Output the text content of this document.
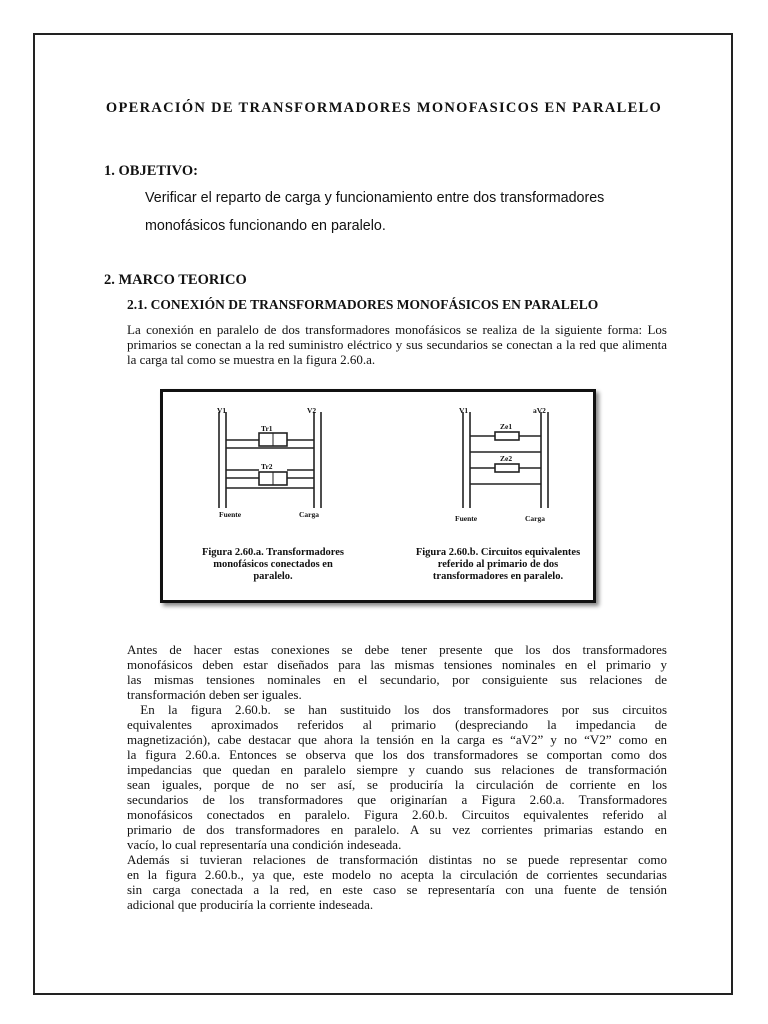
OPERACIÓN DE TRANSFORMADORES MONOFASICOS EN PARALELO
1. OBJETIVO:
Verificar el reparto de carga y funcionamiento entre dos transformadores
monofásicos funcionando en paralelo.
2. MARCO TEORICO
2.1. CONEXIÓN DE TRANSFORMADORES MONOFÁSICOS EN PARALELO
La conexión en paralelo de dos transformadores monofásicos se realiza de la siguiente forma: Los primarios se conectan a la red suministro eléctrico y sus secundarios se conectan a la red que alimenta la carga tal como se muestra en la figura 2.60.a.
V1	V2
Tr1
Tr2
Fuente	Carga
Figura 2.60.a. Transformadores
monofásicos conectados en
paralelo.
V1	aV2
Ze1
Ze2
Fuente	Carga
Figura 2.60.b. Circuitos equivalentes
referido al primario de dos
transformadores en paralelo.
Antes de hacer estas conexiones se debe tener presente que los dos transformadores
monofásicos deben estar diseñados para las mismas tensiones nominales en el primario y
las mismas tensiones nominales en el secundario, por consiguiente sus relaciones de
transformación deben ser iguales.
En la figura 2.60.b. se han sustituido los dos transformadores por sus circuitos
equivalentes aproximados referidos al primario (despreciando la impedancia de
magnetización), cabe destacar que ahora la tensión en la carga es “aV2” y no “V2” como en
la figura 2.60.a. Entonces se observa que los dos transformadores se comportan como dos
impedancias que quedan en paralelo siempre y cuando sus relaciones de transformación
sean iguales, porque de no ser así, se produciría la circulación de corriente en los
secundarios de los transformadores que originarían a Figura 2.60.a. Transformadores
monofásicos conectados en paralelo. Figura 2.60.b. Circuitos equivalentes referido al
primario de dos transformadores en paralelo. A su vez corrientes primarias estando en
vacío, lo cual representaría una condición indeseada.
Además si tuvieran relaciones de transformación distintas no se puede representar como
en la figura 2.60.b., ya que, este modelo no acepta la circulación de corrientes secundarias
sin carga conectada a la red, en este caso se representaría con una fuente de tensión
adicional que produciría la corriente indeseada.
